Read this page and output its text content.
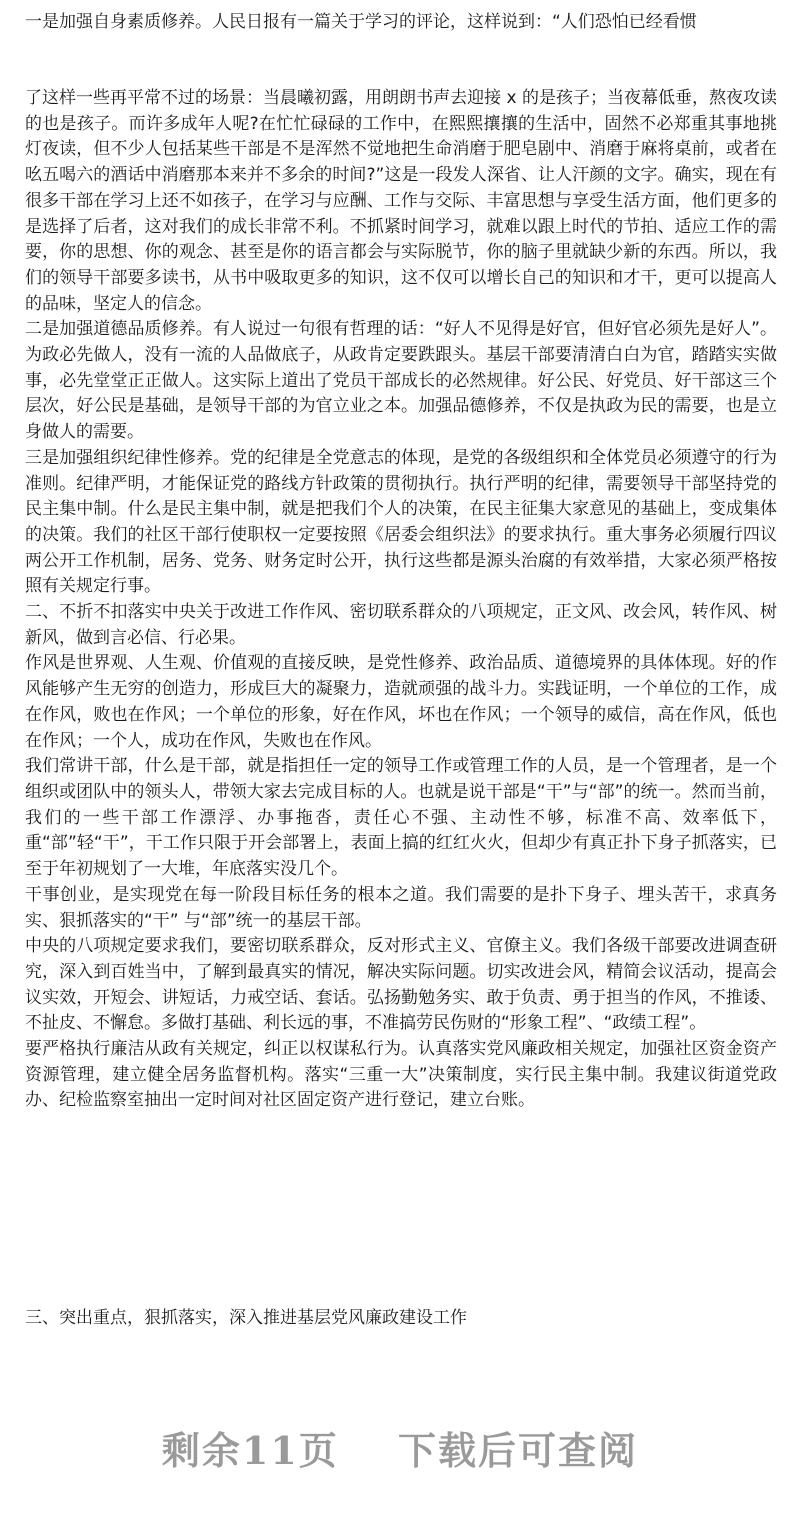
一是加强自身素质修养。人民日报有一篇关于学习的评论，这样说到：“人们恐怕已经看惯

了这样一些再平常不过的场景：当晨曦初露，用朗朗书声去迎接 x 的是孩子；当夜幕低垂，熬夜攻读的也是孩子。而许多成年人呢?在忙忙碌碌的工作中，在熙熙攘攘的生活中，固然不必郑重其事地挑灯夜读，但不少人包括某些干部是不是浑然不觉地把生命消磨于肥皂剧中、消磨于麻将桌前，或者在吆五喝六的酒话中消磨那本来并不多余的时间?”这是一段发人深省、让人汗颜的文字。确实，现在有很多干部在学习上还不如孩子，在学习与应酬、工作与交际、丰富思想与享受生活方面，他们更多的是选择了后者，这对我们的成长非常不利。不抓紧时间学习，就难以跟上时代的节拍、适应工作的需要，你的思想、你的观念、甚至是你的语言都会与实际脱节，你的脑子里就缺少新的东西。所以，我们的领导干部要多读书，从书中吸取更多的知识，这不仅可以增长自己的知识和才干，更可以提高人的品味，坚定人的信念。

二是加强道德品质修养。有人说过一句很有哲理的话：“好人不见得是好官，但好官必须先是好人”。为政必先做人，没有一流的人品做底子，从政肯定要跌跟头。基层干部要清清白白为官，踏踏实实做事，必先堂堂正正做人。这实际上道出了党员干部成长的必然规律。好公民、好党员、好干部这三个层次，好公民是基础，是领导干部的为官立业之本。加强品德修养，不仅是执政为民的需要，也是立身做人的需要。

三是加强组织纪律性修养。党的纪律是全党意志的体现，是党的各级组织和全体党员必须遵守的行为准则。纪律严明，才能保证党的路线方针政策的贯彻执行。执行严明的纪律，需要领导干部坚持党的民主集中制。什么是民主集中制，就是把我们个人的决策，在民主征集大家意见的基础上，变成集体的决策。我们的社区干部行使职权一定要按照《居委会组织法》的要求执行。重大事务必须履行四议两公开工作机制，居务、党务、财务定时公开，执行这些都是源头治腐的有效举措，大家必须严格按照有关规定行事。

二、不折不扣落实中央关于改进工作作风、密切联系群众的八项规定，正文风、改会风，转作风、树新风，做到言必信、行必果。

作风是世界观、人生观、价值观的直接反映，是党性修养、政治品质、道德境界的具体体现。好的作风能够产生无穷的创造力，形成巨大的凝聚力，造就顽强的战斗力。实践证明，一个单位的工作，成在作风，败也在作风；一个单位的形象，好在作风，坏也在作风；一个领导的威信，高在作风，低也在作风；一个人，成功在作风，失败也在作风。

我们常讲干部，什么是干部，就是指担任一定的领导工作或管理工作的人员，是一个管理者，是一个组织或团队中的领头人，带领大家去完成目标的人。也就是说干部是“干”与“部”的统一。然而当前，我们的一些干部工作漂浮、办事拖沓，责任心不强、主动性不够，标准不高、效率低下，重“部”轻“干”，干工作只限于开会部署上，表面上搞的红红火火，但却少有真正扑下身子抓落实，已至于年初规划了一大堆，年底落实没几个。

干事创业，是实现党在每一阶段目标任务的根本之道。我们需要的是扑下身子、埋头苦干，求真务实、狠抓落实的“干” 与“部”统一的基层干部。

中央的八项规定要求我们，要密切联系群众，反对形式主义、官僚主义。我们各级干部要改进调查研究，深入到百姓当中，了解到最真实的情况，解决实际问题。切实改进会风，精简会议活动，提高会议实效，开短会、讲短话，力戒空话、套话。弘扬勤勉务实、敢于负责、勇于担当的作风，不推诿、不扯皮、不懈怠。多做打基础、利长远的事，不准搞劳民伤财的“形象工程”、“政绩工程”。

要严格执行廉洁从政有关规定，纠正以权谋私行为。认真落实党风廉政相关规定，加强社区资金资产资源管理，建立健全居务监督机构。落实“三重一大”决策制度，实行民主集中制。我建议街道党政办、纪检监察室抽出一定时间对社区固定资产进行登记，建立台账。

三、突出重点，狠抓落实，深入推进基层党风廉政建设工作
剩余11页 下载后可查阅
